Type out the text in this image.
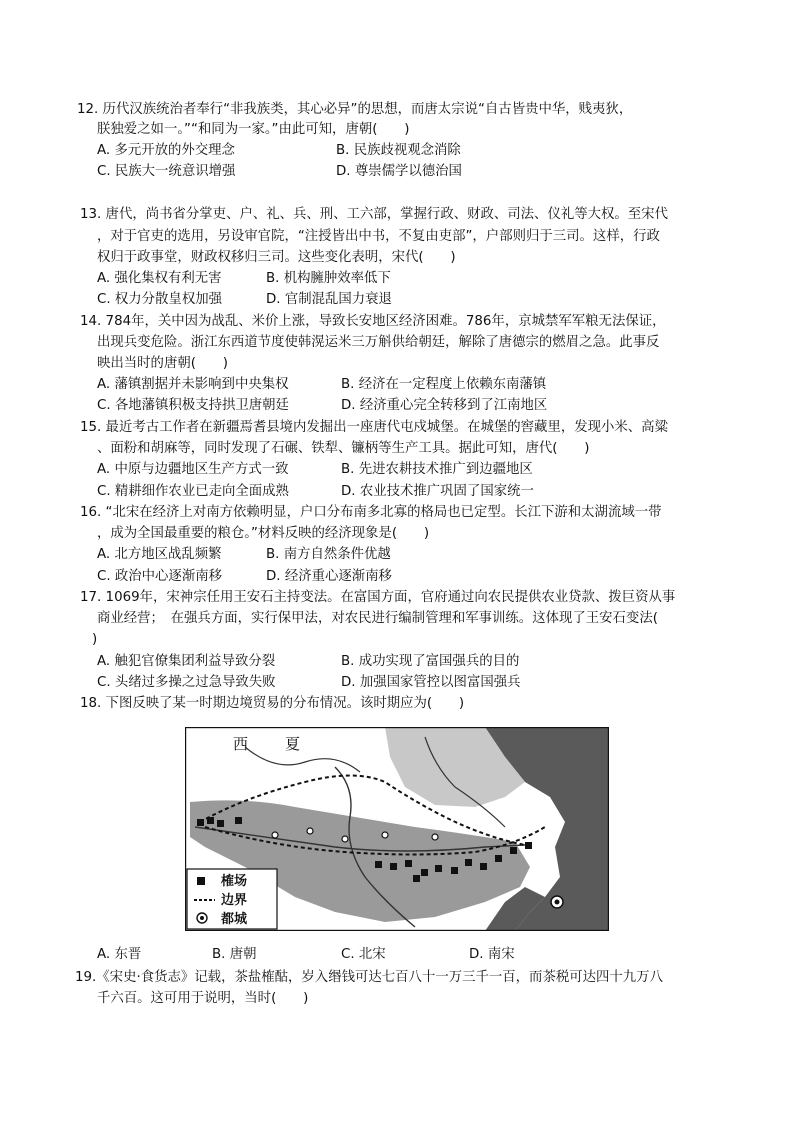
12. 历代汉族统治者奉行“非我族类，其心必异”的思想，而唐太宗说“自古皆贵中华，贱夷狄，
朕独爱之如一。”“和同为一家。”由此可知，唐朝(　　)
A. 多元开放的外交理念	B. 民族歧视观念消除
C. 民族大一统意识增强	D. 尊崇儒学以德治国
13. 唐代，尚书省分掌吏、户、礼、兵、刑、工六部，掌握行政、财政、司法、仪礼等大权。至宋代
，对于官吏的选用，另设审官院，“注授皆出中书，不复由吏部”，户部则归于三司。这样，行政
权归于政事堂，财政权移归三司。这些变化表明，宋代(　　)
A. 强化集权有利无害	B. 机构臃肿效率低下
C. 权力分散皇权加强	D. 官制混乱国力衰退
14. 784年，关中因为战乱、米价上涨，导致长安地区经济困难。786年，京城禁军军粮无法保证，
出现兵变危险。浙江东西道节度使韩滉运米三万斛供给朝廷，解除了唐德宗的燃眉之急。此事反
映出当时的唐朝(　　)
A. 藩镇割据并未影响到中央集权	B. 经济在一定程度上依赖东南藩镇
C. 各地藩镇积极支持拱卫唐朝廷	D. 经济重心完全转移到了江南地区
15. 最近考古工作者在新疆焉耆县境内发掘出一座唐代屯戍城堡。在城堡的窖藏里，发现小米、高粱
、面粉和胡麻等，同时发现了石碾、铁犁、镰柄等生产工具。据此可知，唐代(　　)
A. 中原与边疆地区生产方式一致	B. 先进农耕技术推广到边疆地区
C. 精耕细作农业已走向全面成熟	D. 农业技术推广巩固了国家统一
16. “北宋在经济上对南方依赖明显，户口分布南多北寡的格局也已定型。长江下游和太湖流域一带
，成为全国最重要的粮仓。”材料反映的经济现象是(　　)
A. 北方地区战乱频繁	B. 南方自然条件优越
C. 政治中心逐渐南移	D. 经济重心逐渐南移
17. 1069年，宋神宗任用王安石主持变法。在富国方面，官府通过向农民提供农业贷款、拨巨资从事
商业经营；　在强兵方面，实行保甲法，对农民进行编制管理和军事训练。这体现了王安石变法(
)
A. 触犯官僚集团利益导致分裂	B. 成功实现了富国强兵的目的
C. 头绪过多操之过急导致失败	D. 加强国家管控以图富国强兵
18. 下图反映了某一时期边境贸易的分布情况。该时期应为(　　)
西 夏
榷场
边界
都城
A. 东晋	B. 唐朝	C. 北宋	D. 南宋
19.《宋史·食货志》记载，茶盐榷酤，岁入缗钱可达七百八十一万三千一百，而茶税可达四十九万八
千六百。这可用于说明，当时(　　)
